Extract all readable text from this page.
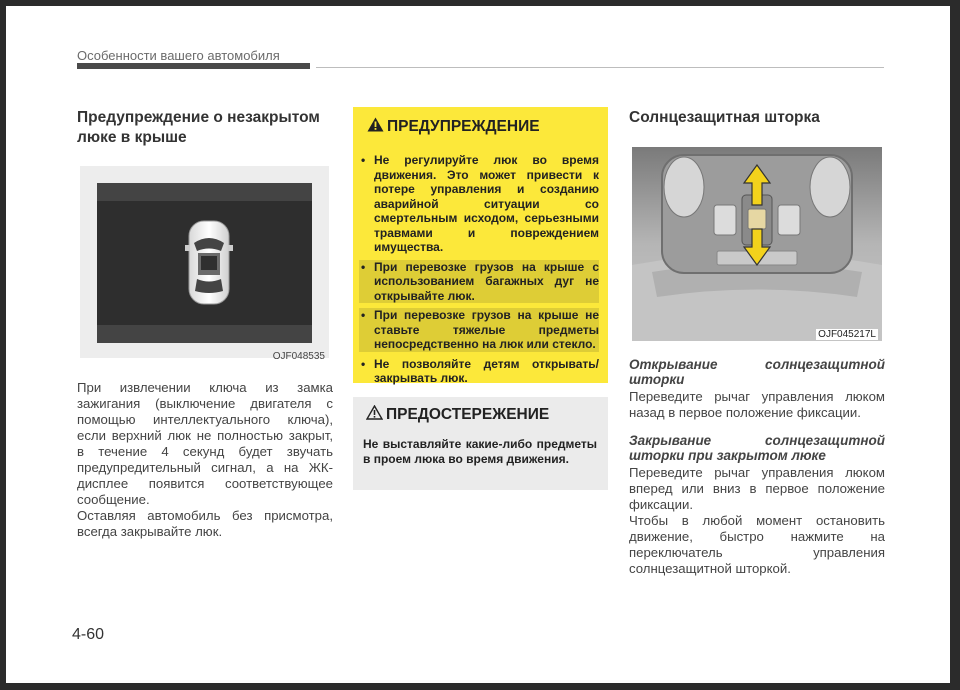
Особенности вашего автомобиля
Предупреждение о незакрытом люке в крыше
OJF048535
При извлечении ключа из замка зажигания (выключение двигателя с помощью интеллектуального ключа), если верхний люк не полностью закрыт, в течение 4 секунд будет звучать предупредительный сигнал, а на ЖК-дисплее появится соответствующее сообщение.
Оставляя автомобиль без присмотра, всегда закрывайте люк.
ПРЕДУПРЕЖДЕНИЕ
• Не регулируйте люк во время движения. Это может привести к потере управления и созданию аварийной ситуации со смертельным исходом, серьезными травмами и повреждением имущества.
• При перевозке грузов на крыше с использованием багажных дуг не открывайте люк.
• При перевозке грузов на крыше не ставьте тяжелые предметы непосредственно на люк или стекло.
• Не позволяйте детям открывать/закрывать люк.
ПРЕДОСТЕРЕЖЕНИЕ
Не выставляйте какие-либо предметы в проем люка во время движения.
Солнцезащитная шторка
OJF045217L
Открывание солнцезащитной
шторки
Переведите рычаг управления люком назад в первое положение фиксации.
Закрывание солнцезащитной
шторки при закрытом люке
Переведите рычаг управления люком вперед или вниз в первое положение фиксации.
Чтобы в любой момент остановить движение, быстро нажмите на переключатель управления солнцезащитной шторкой.
4-60
